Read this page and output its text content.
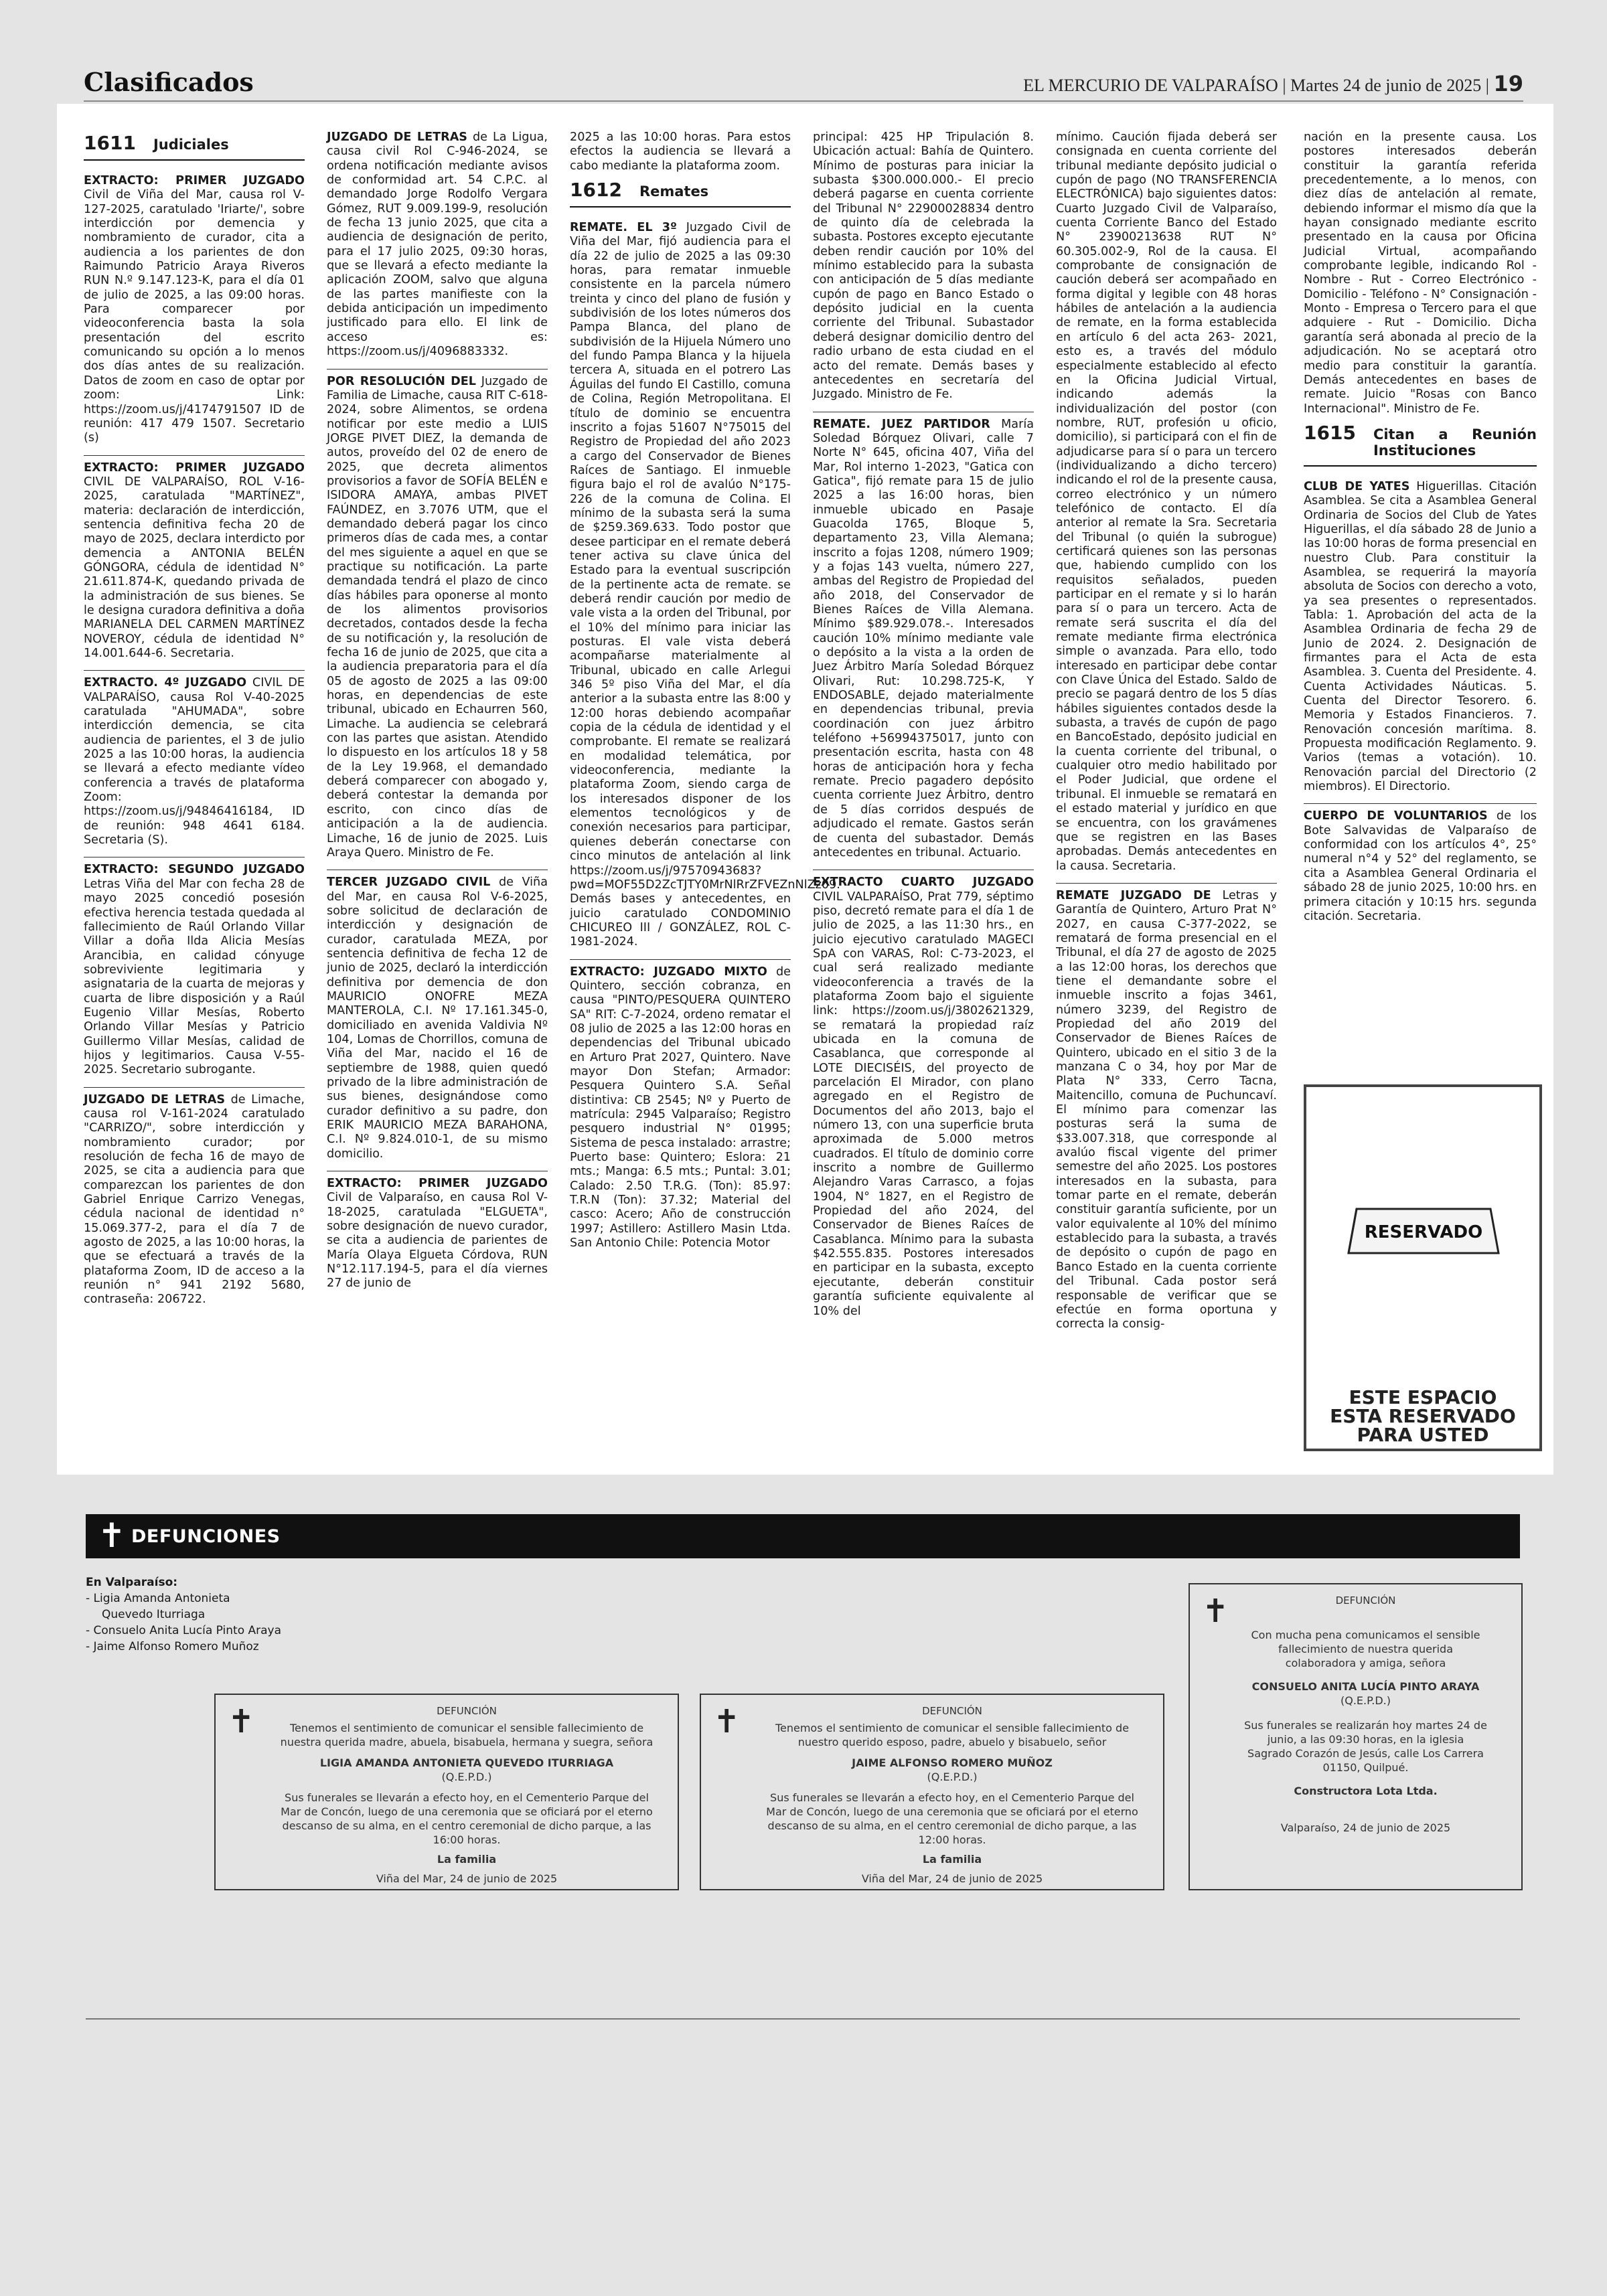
Clasificados	EL MERCURIO DE VALPARAÍSO | Martes 24 de junio de 2025 | 19
1611 Judiciales

EXTRACTO: PRIMER JUZGADO Civil de Viña del Mar, causa rol V-127-2025, caratulado 'Iriarte/', sobre interdicción por demencia y nombramiento de curador, cita a audiencia a los parientes de don Raimundo Patricio Araya Riveros RUN N.º 9.147.123-K, para el día 01 de julio de 2025, a las 09:00 horas. Para comparecer por videoconferencia basta la sola presentación del escrito comunicando su opción a lo menos dos días antes de su realización. Datos de zoom en caso de optar por zoom: Link: https://zoom.us/j/4174791507 ID de reunión: 417 479 1507. Secretario (s)

EXTRACTO: PRIMER JUZGADO CIVIL DE VALPARAÍSO, ROL V-16-2025, caratulada "MARTÍNEZ", materia: declaración de interdicción, sentencia definitiva fecha 20 de mayo de 2025, declara interdicto por demencia a ANTONIA BELÉN GÓNGORA, cédula de identidad N° 21.611.874-K, quedando privada de la administración de sus bienes. Se le designa curadora definitiva a doña MARIANELA DEL CARMEN MARTÍNEZ NOVEROY, cédula de identidad N° 14.001.644-6. Secretaria.

EXTRACTO. 4º JUZGADO CIVIL DE VALPARAÍSO, causa Rol V-40-2025 caratulada "AHUMADA", sobre interdicción demencia, se cita audiencia de parientes, el 3 de julio 2025 a las 10:00 horas, la audiencia se llevará a efecto mediante vídeo conferencia a través de plataforma Zoom: https://zoom.us/j/94846416184, ID de reunión: 948 4641 6184. Secretaria (S).

EXTRACTO: SEGUNDO JUZGADO Letras Viña del Mar con fecha 28 de mayo 2025 concedió posesión efectiva herencia testada quedada al fallecimiento de Raúl Orlando Villar Villar a doña Ilda Alicia Mesías Arancibia, en calidad cónyuge sobreviviente legitimaria y asignataria de la cuarta de mejoras y cuarta de libre disposición y a Raúl Eugenio Villar Mesías, Roberto Orlando Villar Mesías y Patricio Guillermo Villar Mesías, calidad de hijos y legitimarios. Causa V-55-2025. Secretario subrogante.

JUZGADO DE LETRAS de Limache, causa rol V-161-2024 caratulado "CARRIZO/", sobre interdicción y nombramiento curador; por resolución de fecha 16 de mayo de 2025, se cita a audiencia para que comparezcan los parientes de don Gabriel Enrique Carrizo Venegas, cédula nacional de identidad n° 15.069.377-2, para el día 7 de agosto de 2025, a las 10:00 horas, la que se efectuará a través de la plataforma Zoom, ID de acceso a la reunión n° 941 2192 5680, contraseña: 206722.

JUZGADO DE LETRAS de La Ligua, causa civil Rol C-946-2024, se ordena notificación mediante avisos de conformidad art. 54 C.P.C. al demandado Jorge Rodolfo Vergara Gómez, RUT 9.009.199-9, resolución de fecha 13 junio 2025, que cita a audiencia de designación de perito, para el 17 julio 2025, 09:30 horas, que se llevará a efecto mediante la aplicación ZOOM, salvo que alguna de las partes manifieste con la debida anticipación un impedimento justificado para ello. El link de acceso es: https://zoom.us/j/4096883332.

POR RESOLUCIÓN DEL Juzgado de Familia de Limache, causa RIT C-618-2024, sobre Alimentos, se ordena notificar por este medio a LUIS JORGE PIVET DIEZ, la demanda de autos, proveído del 02 de enero de 2025, que decreta alimentos provisorios a favor de SOFÍA BELÉN e ISIDORA AMAYA, ambas PIVET FAÚNDEZ, en 3.7076 UTM, que el demandado deberá pagar los cinco primeros días de cada mes, a contar del mes siguiente a aquel en que se practique su notificación. La parte demandada tendrá el plazo de cinco días hábiles para oponerse al monto de los alimentos provisorios decretados, contados desde la fecha de su notificación y, la resolución de fecha 16 de junio de 2025, que cita a la audiencia preparatoria para el día 05 de agosto de 2025 a las 09:00 horas, en dependencias de este tribunal, ubicado en Echaurren 560, Limache. La audiencia se celebrará con las partes que asistan. Atendido lo dispuesto en los artículos 18 y 58 de la Ley 19.968, el demandado deberá comparecer con abogado y, deberá contestar la demanda por escrito, con cinco días de anticipación a la de audiencia. Limache, 16 de junio de 2025. Luis Araya Quero. Ministro de Fe.

TERCER JUZGADO CIVIL de Viña del Mar, en causa Rol V-6-2025, sobre solicitud de declaración de interdicción y designación de curador, caratulada MEZA, por sentencia definitiva de fecha 12 de junio de 2025, declaró la interdicción definitiva por demencia de don MAURICIO ONOFRE MEZA MANTEROLA, C.I. Nº 17.161.345-0, domiciliado en avenida Valdivia Nº 104, Lomas de Chorrillos, comuna de Viña del Mar, nacido el 16 de septiembre de 1988, quien quedó privado de la libre administración de sus bienes, designándose como curador definitivo a su padre, don ERIK MAURICIO MEZA BARAHONA, C.I. Nº 9.824.010-1, de su mismo domicilio.

EXTRACTO: PRIMER JUZGADO Civil de Valparaíso, en causa Rol V-18-2025, caratulada "ELGUETA", sobre designación de nuevo curador, se cita a audiencia de parientes de María Olaya Elgueta Córdova, RUN N°12.117.194-5, para el día viernes 27 de junio de

2025 a las 10:00 horas. Para estos efectos la audiencia se llevará a cabo mediante la plataforma zoom.

1612 Remates

REMATE. EL 3º Juzgado Civil de Viña del Mar, fijó audiencia para el día 22 de julio de 2025 a las 09:30 horas, para rematar inmueble consistente en la parcela número treinta y cinco del plano de fusión y subdivisión de los lotes números dos Pampa Blanca, del plano de subdivisión de la Hijuela Número uno del fundo Pampa Blanca y la hijuela tercera A, situada en el potrero Las Águilas del fundo El Castillo, comuna de Colina, Región Metropolitana. El título de dominio se encuentra inscrito a fojas 51607 N°75015 del Registro de Propiedad del año 2023 a cargo del Conservador de Bienes Raíces de Santiago. El inmueble figura bajo el rol de avalúo N°175-226 de la comuna de Colina. El mínimo de la subasta será la suma de $259.369.633. Todo postor que desee participar en el remate deberá tener activa su clave única del Estado para la eventual suscripción de la pertinente acta de remate. se deberá rendir caución por medio de vale vista a la orden del Tribunal, por el 10% del mínimo para iniciar las posturas. El vale vista deberá acompañarse materialmente al Tribunal, ubicado en calle Arlegui 346 5º piso Viña del Mar, el día anterior a la subasta entre las 8:00 y 12:00 horas debiendo acompañar copia de la cédula de identidad y el comprobante. El remate se realizará en modalidad telemática, por videoconferencia, mediante la plataforma Zoom, siendo carga de los interesados disponer de los elementos tecnológicos y de conexión necesarios para participar, quienes deberán conectarse con cinco minutos de antelación al link https://zoom.us/j/97570943683?pwd=MOF55D2ZcTJTY0MrNlRrZFVEZnNlZz09. Demás bases y antecedentes, en juicio caratulado CONDOMINIO CHICUREO III / GONZÁLEZ, ROL C-1981-2024.

EXTRACTO: JUZGADO MIXTO de Quintero, sección cobranza, en causa "PINTO/PESQUERA QUINTERO SA" RIT: C-7-2024, ordeno rematar el 08 julio de 2025 a las 12:00 horas en dependencias del Tribunal ubicado en Arturo Prat 2027, Quintero. Nave mayor Don Stefan; Armador: Pesquera Quintero S.A. Señal distintiva: CB 2545; Nº y Puerto de matrícula: 2945 Valparaíso; Registro pesquero industrial N° 01995; Sistema de pesca instalado: arrastre; Puerto base: Quintero; Eslora: 21 mts.; Manga: 6.5 mts.; Puntal: 3.01; Calado: 2.50 T.R.G. (Ton): 85.97: T.R.N (Ton): 37.32; Material del casco: Acero; Año de construcción 1997; Astillero: Astillero Masin Ltda. San Antonio Chile: Potencia Motor

principal: 425 HP Tripulación 8. Ubicación actual: Bahía de Quintero. Mínimo de posturas para iniciar la subasta $300.000.000.- El precio deberá pagarse en cuenta corriente del Tribunal N° 22900028834 dentro de quinto día de celebrada la subasta. Postores excepto ejecutante deben rendir caución por 10% del mínimo establecido para la subasta con anticipación de 5 días mediante cupón de pago en Banco Estado o depósito judicial en la cuenta corriente del Tribunal. Subastador deberá designar domicilio dentro del radio urbano de esta ciudad en el acto del remate. Demás bases y antecedentes en secretaría del Juzgado. Ministro de Fe.

REMATE. JUEZ PARTIDOR María Soledad Bórquez Olivari, calle 7 Norte N° 645, oficina 407, Viña del Mar, Rol interno 1-2023, "Gatica con Gatica", fijó remate para 15 de julio 2025 a las 16:00 horas, bien inmueble ubicado en Pasaje Guacolda 1765, Bloque 5, departamento 23, Villa Alemana; inscrito a fojas 1208, número 1909; y a fojas 143 vuelta, número 227, ambas del Registro de Propiedad del año 2018, del Conservador de Bienes Raíces de Villa Alemana. Mínimo $89.929.078.-. Interesados caución 10% mínimo mediante vale o depósito a la vista a la orden de Juez Árbitro María Soledad Bórquez Olivari, Rut: 10.298.725-K, Y ENDOSABLE, dejado materialmente en dependencias tribunal, previa coordinación con juez árbitro teléfono +56994375017, junto con presentación escrita, hasta con 48 horas de anticipación hora y fecha remate. Precio pagadero depósito cuenta corriente Juez Árbitro, dentro de 5 días corridos después de adjudicado el remate. Gastos serán de cuenta del subastador. Demás antecedentes en tribunal. Actuario.

EXTRACTO CUARTO JUZGADO CIVIL VALPARAÍSO, Prat 779, séptimo piso, decretó remate para el día 1 de julio de 2025, a las 11:30 hrs., en juicio ejecutivo caratulado MAGECI SpA con VARAS, Rol: C-73-2023, el cual será realizado mediante videoconferencia a través de la plataforma Zoom bajo el siguiente link: https://zoom.us/j/3802621329, se rematará la propiedad raíz ubicada en la comuna de Casablanca, que corresponde al LOTE DIECISÉIS, del proyecto de parcelación El Mirador, con plano agregado en el Registro de Documentos del año 2013, bajo el número 13, con una superficie bruta aproximada de 5.000 metros cuadrados. El título de dominio corre inscrito a nombre de Guillermo Alejandro Varas Carrasco, a fojas 1904, N° 1827, en el Registro de Propiedad del año 2024, del Conservador de Bienes Raíces de Casablanca. Mínimo para la subasta $42.555.835. Postores interesados en participar en la subasta, excepto ejecutante, deberán constituir garantía suficiente equivalente al 10% del

mínimo. Caución fijada deberá ser consignada en cuenta corriente del tribunal mediante depósito judicial o cupón de pago (NO TRANSFERENCIA ELECTRÓNICA) bajo siguientes datos: Cuarto Juzgado Civil de Valparaíso, cuenta Corriente Banco del Estado N° 23900213638 RUT N° 60.305.002-9, Rol de la causa. El comprobante de consignación de caución deberá ser acompañado en forma digital y legible con 48 horas hábiles de antelación a la audiencia de remate, en la forma establecida en artículo 6 del acta 263- 2021, esto es, a través del módulo especialmente establecido al efecto en la Oficina Judicial Virtual, indicando además la individualización del postor (con nombre, RUT, profesión u oficio, domicilio), si participará con el fin de adjudicarse para sí o para un tercero (individualizando a dicho tercero) indicando el rol de la presente causa, correo electrónico y un número telefónico de contacto. El día anterior al remate la Sra. Secretaria del Tribunal (o quién la subrogue) certificará quienes son las personas que, habiendo cumplido con los requisitos señalados, pueden participar en el remate y si lo harán para sí o para un tercero. Acta de remate será suscrita el día del remate mediante firma electrónica simple o avanzada. Para ello, todo interesado en participar debe contar con Clave Única del Estado. Saldo de precio se pagará dentro de los 5 días hábiles siguientes contados desde la subasta, a través de cupón de pago en BancoEstado, depósito judicial en la cuenta corriente del tribunal, o cualquier otro medio habilitado por el Poder Judicial, que ordene el tribunal. El inmueble se rematará en el estado material y jurídico en que se encuentra, con los gravámenes que se registren en las Bases aprobadas. Demás antecedentes en la causa. Secretaria.

REMATE JUZGADO DE Letras y Garantía de Quintero, Arturo Prat N° 2027, en causa C-377-2022, se rematará de forma presencial en el Tribunal, el día 27 de agosto de 2025 a las 12:00 horas, los derechos que tiene el demandante sobre el inmueble inscrito a fojas 3461, número 3239, del Registro de Propiedad del año 2019 del Conservador de Bienes Raíces de Quintero, ubicado en el sitio 3 de la manzana C o 34, hoy por Mar de Plata N° 333, Cerro Tacna, Maitencillo, comuna de Puchuncaví. El mínimo para comenzar las posturas será la suma de $33.007.318, que corresponde al avalúo fiscal vigente del primer semestre del año 2025. Los postores interesados en la subasta, para tomar parte en el remate, deberán constituir garantía suficiente, por un valor equivalente al 10% del mínimo establecido para la subasta, a través de depósito o cupón de pago en Banco Estado en la cuenta corriente del Tribunal. Cada postor será responsable de verificar que se efectúe en forma oportuna y correcta la consig-

nación en la presente causa. Los postores interesados deberán constituir la garantía referida precedentemente, a lo menos, con diez días de antelación al remate, debiendo informar el mismo día que la hayan consignado mediante escrito presentado en la causa por Oficina Judicial Virtual, acompañando comprobante legible, indicando Rol - Nombre - Rut - Correo Electrónico - Domicilio - Teléfono - N° Consignación - Monto - Empresa o Tercero para el que adquiere - Rut - Domicilio. Dicha garantía será abonada al precio de la adjudicación. No se aceptará otro medio para constituir la garantía. Demás antecedentes en bases de remate. Juicio "Rosas con Banco Internacional". Ministro de Fe.

1615 Citan a Reunión Instituciones

CLUB DE YATES Higuerillas. Citación Asamblea. Se cita a Asamblea General Ordinaria de Socios del Club de Yates Higuerillas, el día sábado 28 de Junio a las 10:00 horas de forma presencial en nuestro Club. Para constituir la Asamblea, se requerirá la mayoría absoluta de Socios con derecho a voto, ya sea presentes o representados. Tabla: 1. Aprobación del acta de la Asamblea Ordinaria de fecha 29 de Junio de 2024. 2. Designación de firmantes para el Acta de esta Asamblea. 3. Cuenta del Presidente. 4. Cuenta Actividades Náuticas. 5. Cuenta del Director Tesorero. 6. Memoria y Estados Financieros. 7. Renovación concesión marítima. 8. Propuesta modificación Reglamento. 9. Varios (temas a votación). 10. Renovación parcial del Directorio (2 miembros). El Directorio.

CUERPO DE VOLUNTARIOS de los Bote Salvavidas de Valparaíso de conformidad con los artículos 4°, 25° numeral n°4 y 52° del reglamento, se cita a Asamblea General Ordinaria el sábado 28 de junio 2025, 10:00 hrs. en primera citación y 10:15 hrs. segunda citación. Secretaria.

RESERVADO
ESTE ESPACIO
ESTA RESERVADO
PARA USTED
✝ DEFUNCIONES
En Valparaíso:
- Ligia Amanda Antonieta
Quevedo Iturriaga
- Consuelo Anita Lucía Pinto Araya
- Jaime Alfonso Romero Muñoz
✝	DEFUNCIÓN
Tenemos el sentimiento de comunicar el sensible fallecimiento de nuestra querida madre, abuela, bisabuela, hermana y suegra, señora
LIGIA AMANDA ANTONIETA QUEVEDO ITURRIAGA
(Q.E.P.D.)
Sus funerales se llevarán a efecto hoy, en el Cementerio Parque del Mar de Concón, luego de una ceremonia que se oficiará por el eterno descanso de su alma, en el centro ceremonial de dicho parque, a las 16:00 horas.
La familia
Viña del Mar, 24 de junio de 2025
✝	DEFUNCIÓN
Tenemos el sentimiento de comunicar el sensible fallecimiento de nuestro querido esposo, padre, abuelo y bisabuelo, señor
JAIME ALFONSO ROMERO MUÑOZ
(Q.E.P.D.)
Sus funerales se llevarán a efecto hoy, en el Cementerio Parque del Mar de Concón, luego de una ceremonia que se oficiará por el eterno descanso de su alma, en el centro ceremonial de dicho parque, a las 12:00 horas.
La familia
Viña del Mar, 24 de junio de 2025
✝	DEFUNCIÓN
Con mucha pena comunicamos el sensible fallecimiento de nuestra querida colaboradora y amiga, señora
CONSUELO ANITA LUCÍA PINTO ARAYA
(Q.E.P.D.)
Sus funerales se realizarán hoy martes 24 de junio, a las 09:30 horas, en la iglesia Sagrado Corazón de Jesús, calle Los Carrera 01150, Quilpué.
Constructora Lota Ltda.
Valparaíso, 24 de junio de 2025
